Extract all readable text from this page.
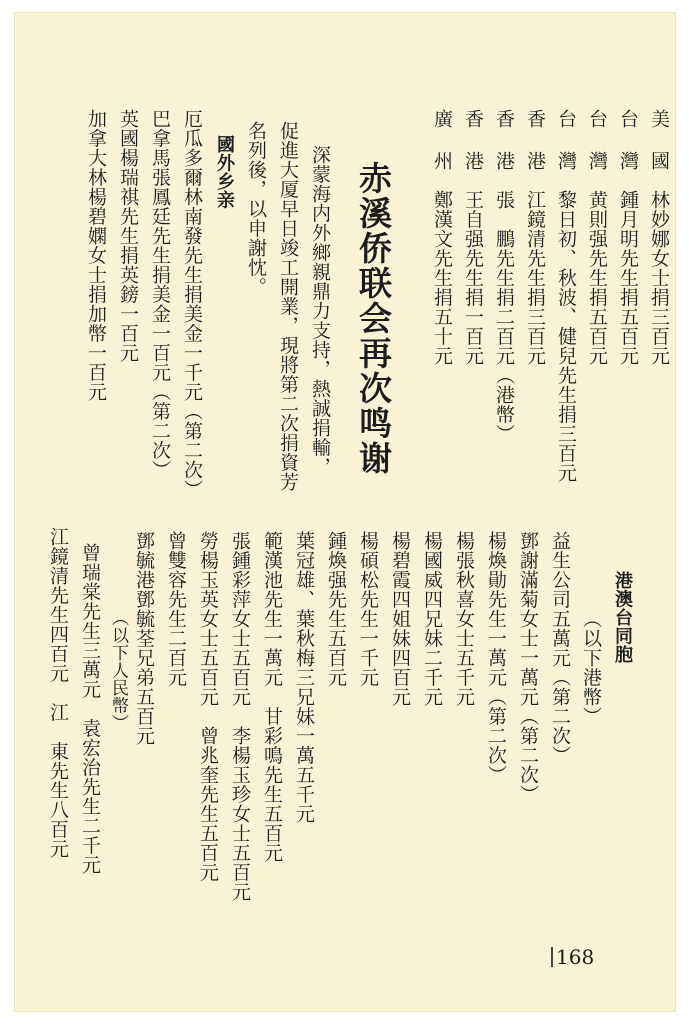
美 國　林妙娜女士捐三百元
台 灣　鍾月明先生捐五百元
台 灣　黄則强先生捐五百元
台 灣　黎日初、秋波、健兒先生捐三百元
香 港　江鏡清先生捐三百元
香 港　張　鵬先生捐二百元（港幣）
香 港　王自强先生捐一百元
廣 州　鄭漢文先生捐五十元
赤溪侨联会再次鸣谢
深蒙海内外鄉親鼎力支持，熱誠捐輸，
促進大厦早日竣工開業，現將第二次捐資芳
名列後，以申謝忱。
國外乡亲
厄瓜多爾林南發先生捐美金一千元（第二次）
巴拿馬張鳳廷先生捐美金一百元（第二次）
英國楊瑞祺先生捐英鎊一百元
加拿大林楊碧嫻女士捐加幣一百元
港澳台同胞
（以下港幣）
益生公司五萬元（第二次）
鄧謝滿菊女士一萬元（第二次）
楊煥勛先生一萬元（第二次）
楊張秋喜女士五千元
楊國威四兄妹二千元
楊碧霞四姐妹四百元
楊碩松先生一千元
鍾煥强先生五百元
葉冠雄、葉秋梅三兄妹一萬五千元
範漢池先生一萬元　甘彩鳴先生五百元
張鍾彩萍女士五百元　李楊玉珍女士五百元
勞楊玉英女士五百元　曾兆奎先生五百元
曾雙容先生二百元
鄧毓港鄧毓荃兄弟五百元
（以下人民幣）
曾瑞棠先生三萬元　袁宏治先生二千元
江鏡清先生四百元　江　東先生八百元
168
